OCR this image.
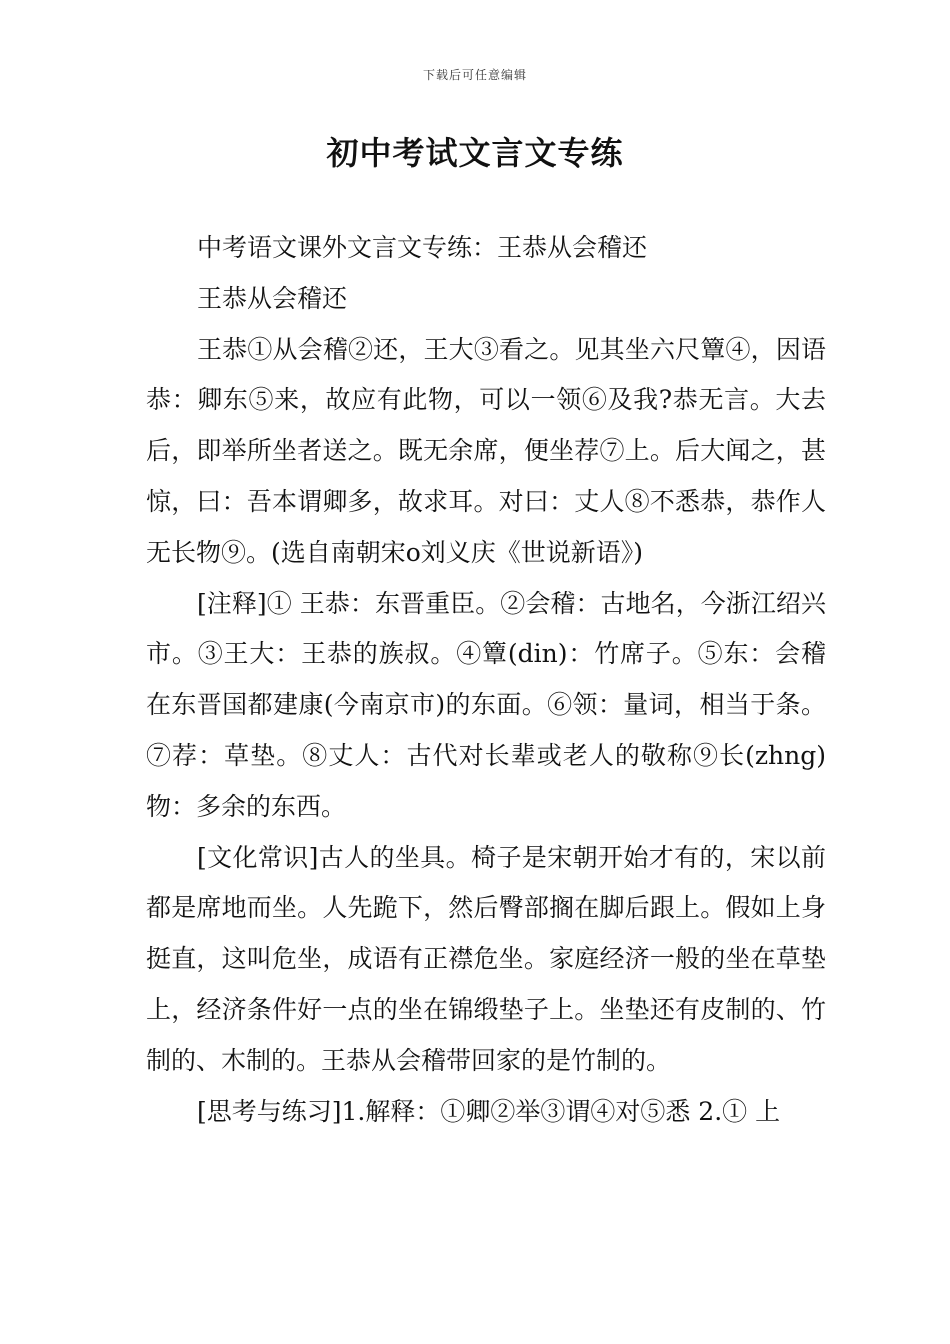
下载后可任意编辑
初中考试文言文专练

中考语文课外文言文专练：王恭从会稽还

王恭从会稽还

王恭①从会稽②还，王大③看之。见其坐六尺簟④，因语恭：卿东⑤来，故应有此物，可以一领⑥及我?恭无言。大去后，即举所坐者送之。既无余席，便坐荐⑦上。后大闻之，甚惊，曰：吾本谓卿多，故求耳。对曰：丈人⑧不悉恭，恭作人无长物⑨。(选自南朝宋ο刘义庆《世说新语》)

[注释]① 王恭：东晋重臣。②会稽：古地名，今浙江绍兴市。③王大：王恭的族叔。④簟(din)：竹席子。⑤东：会稽在东晋国都建康(今南京市)的东面。⑥领：量词，相当于条。⑦荐：草垫。⑧丈人：古代对长辈或老人的敬称⑨长(zhng)物：多余的东西。

[文化常识]古人的坐具。椅子是宋朝开始才有的，宋以前都是席地而坐。人先跪下，然后臀部搁在脚后跟上。假如上身挺直，这叫危坐，成语有正襟危坐。家庭经济一般的坐在草垫上，经济条件好一点的坐在锦缎垫子上。坐垫还有皮制的、竹制的、木制的。王恭从会稽带回家的是竹制的。

[思考与练习]1.解释：①卿②举③谓④对⑤悉 2.① 上
